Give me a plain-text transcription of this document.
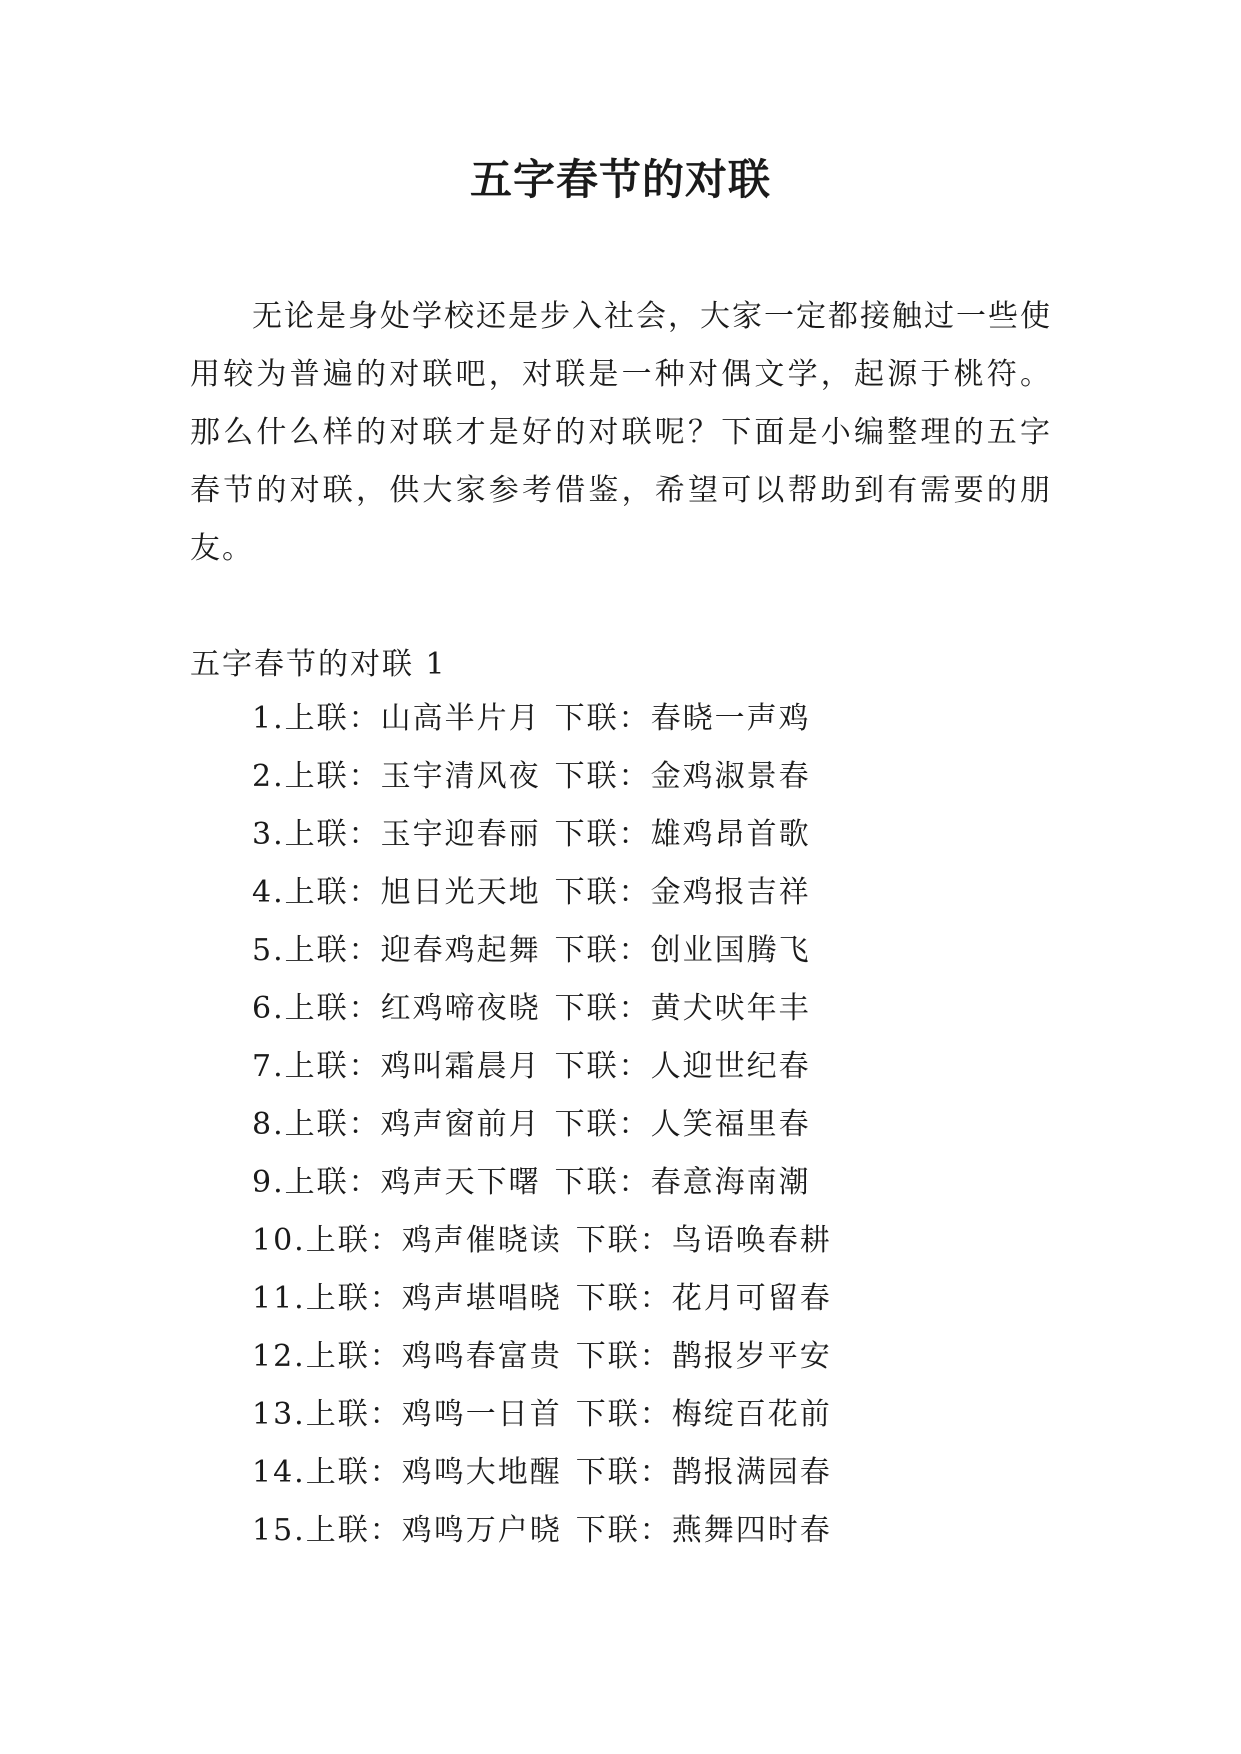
五字春节的对联

无论是身处学校还是步入社会，大家一定都接触过一些使用较为普遍的对联吧，对联是一种对偶文学，起源于桃符。那么什么样的对联才是好的对联呢？下面是小编整理的五字春节的对联，供大家参考借鉴，希望可以帮助到有需要的朋友。

五字春节的对联 1
1.上联：山高半片月 下联：春晓一声鸡
2.上联：玉宇清风夜 下联：金鸡淑景春
3.上联：玉宇迎春丽 下联：雄鸡昂首歌
4.上联：旭日光天地 下联：金鸡报吉祥
5.上联：迎春鸡起舞 下联：创业国腾飞
6.上联：红鸡啼夜晓 下联：黄犬吠年丰
7.上联：鸡叫霜晨月 下联：人迎世纪春
8.上联：鸡声窗前月 下联：人笑福里春
9.上联：鸡声天下曙 下联：春意海南潮
10.上联：鸡声催晓读 下联：鸟语唤春耕
11.上联：鸡声堪唱晓 下联：花月可留春
12.上联：鸡鸣春富贵 下联：鹊报岁平安
13.上联：鸡鸣一日首 下联：梅绽百花前
14.上联：鸡鸣大地醒 下联：鹊报满园春
15.上联：鸡鸣万户晓 下联：燕舞四时春
